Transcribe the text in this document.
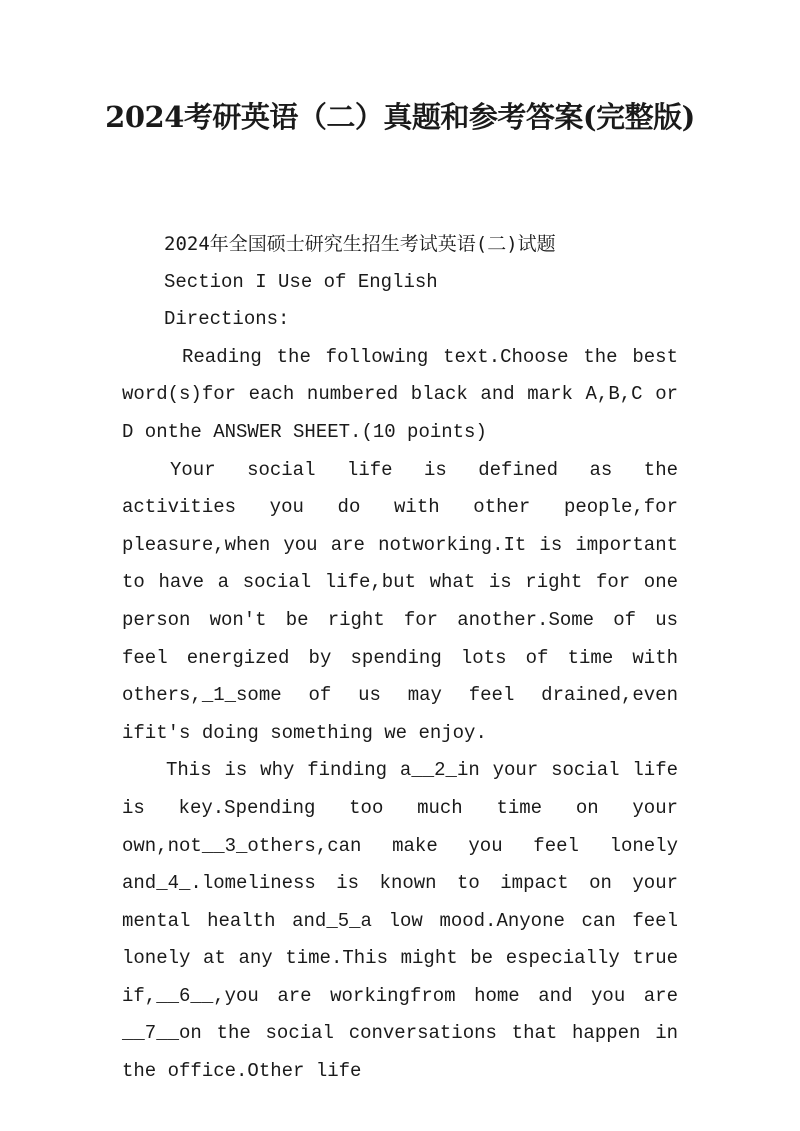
2024考研英语（二）真题和参考答案(完整版)

2024年全国硕士研究生招生考试英语(二)试题

Section I Use of English

Directions:

Reading the following text.Choose the best word(s)for each numbered black and mark A,B,C or D onthe ANSWER SHEET.(10 points)

Your social life is defined as the activities you do with other people,for pleasure,when you are notworking.It is important to have a social life,but what is right for one person won't be right for another.Some of us feel energized by spending lots of time with others,_1_some of us may feel drained,even ifit's doing something we enjoy.

This is why finding a__2_in your social life is key.Spending too much time on your own,not__3_others,can make you feel lonely and_4_.lomeliness is known to impact on your mental health and_5_a low mood.Anyone can feel lonely at any time.This might be especially true if,__6__,you are workingfrom home and you are __7__on the social conversations that happen in the office.Other life
